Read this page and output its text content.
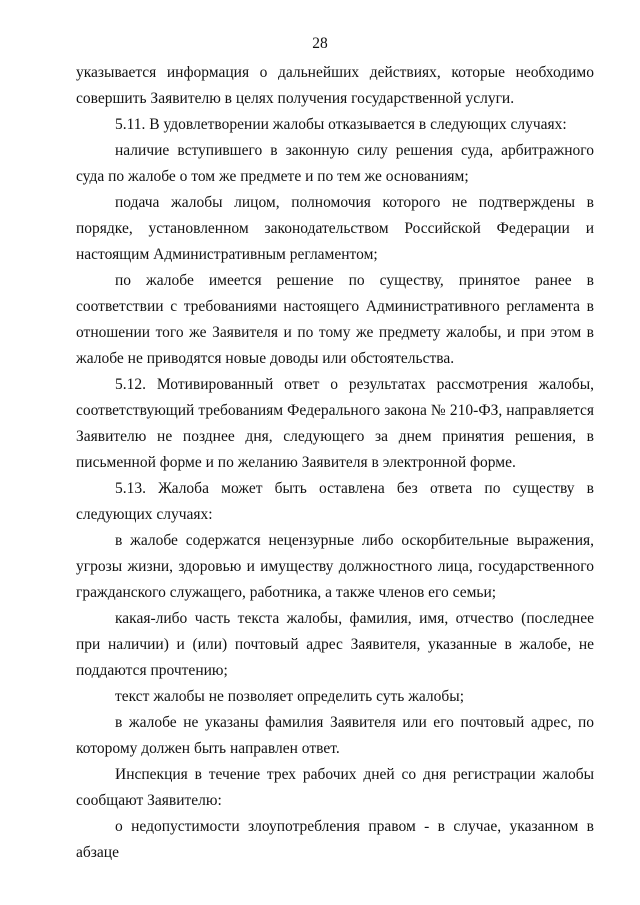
28

указывается информация о дальнейших действиях, которые необходимо совершить Заявителю в целях получения государственной услуги.

5.11. В удовлетворении жалобы отказывается в следующих случаях:

наличие вступившего в законную силу решения суда, арбитражного суда по жалобе о том же предмете и по тем же основаниям;

подача жалобы лицом, полномочия которого не подтверждены в порядке, установленном законодательством Российской Федерации и настоящим Административным регламентом;

по жалобе имеется решение по существу, принятое ранее в соответствии с требованиями настоящего Административного регламента в отношении того же Заявителя и по тому же предмету жалобы, и при этом в жалобе не приводятся новые доводы или обстоятельства.

5.12. Мотивированный ответ о результатах рассмотрения жалобы, соответствующий требованиям Федерального закона № 210-ФЗ, направляется Заявителю не позднее дня, следующего за днем принятия решения, в письменной форме и по желанию Заявителя в электронной форме.

5.13. Жалоба может быть оставлена без ответа по существу в следующих случаях:

в жалобе содержатся нецензурные либо оскорбительные выражения, угрозы жизни, здоровью и имуществу должностного лица, государственного гражданского служащего, работника, а также членов его семьи;

какая-либо часть текста жалобы, фамилия, имя, отчество (последнее при наличии) и (или) почтовый адрес Заявителя, указанные в жалобе, не поддаются прочтению;

текст жалобы не позволяет определить суть жалобы;

в жалобе не указаны фамилия Заявителя или его почтовый адрес, по которому должен быть направлен ответ.

Инспекция в течение трех рабочих дней со дня регистрации жалобы сообщают Заявителю:

о недопустимости злоупотребления правом - в случае, указанном в абзаце
